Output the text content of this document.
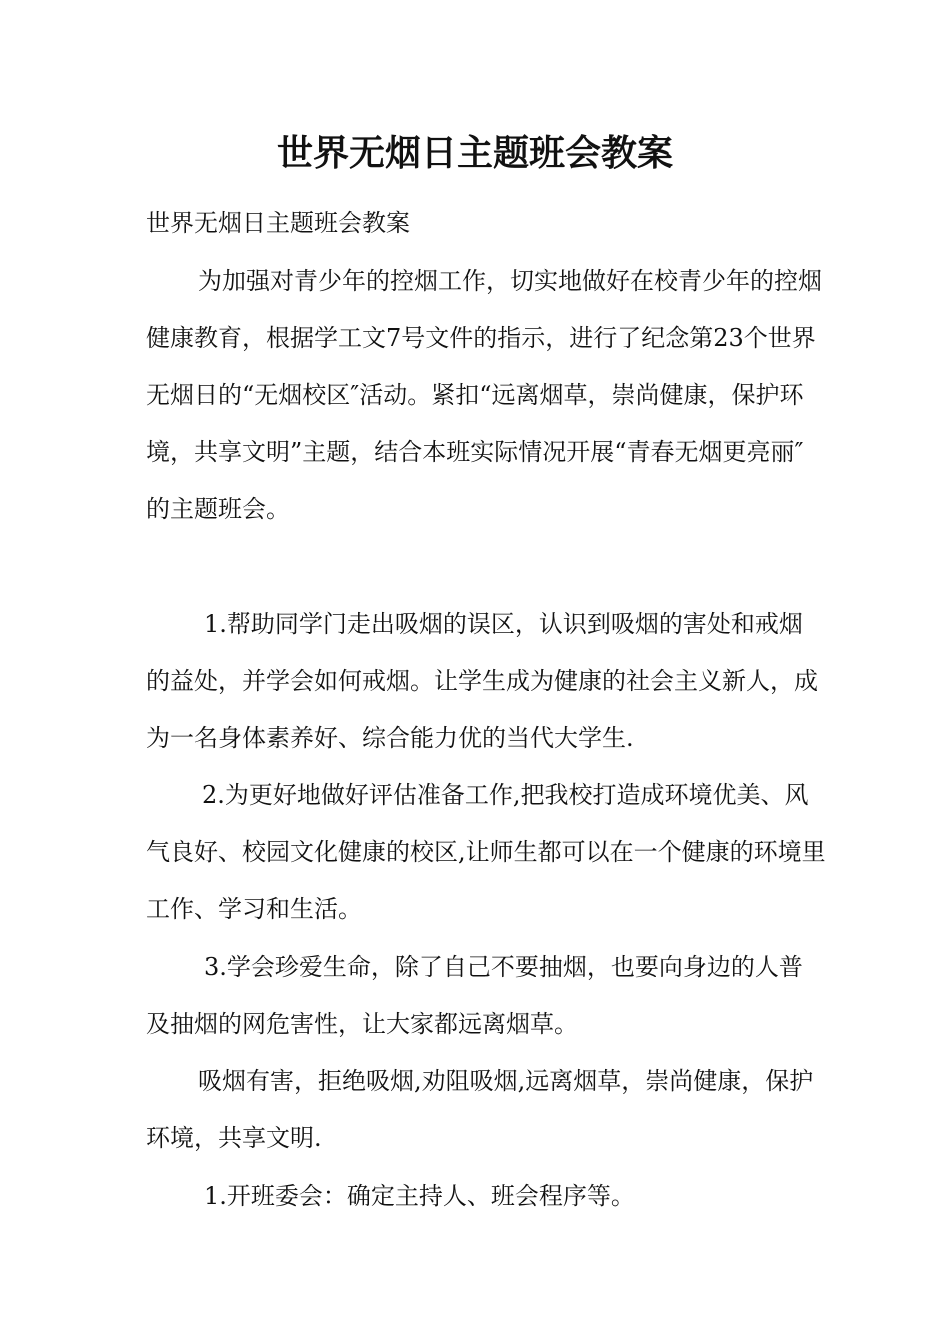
世界无烟日主题班会教案

世界无烟日主题班会教案

为加强对青少年的控烟工作，切实地做好在校青少年的控烟健康教育，根据学工文7号文件的指示，进行了纪念第23个世界无烟日的“无烟校区″活动。紧扣“远离烟草，崇尚健康，保护环境，共享文明”主题，结合本班实际情况开展“青春无烟更亮丽″的主题班会。

1.帮助同学门走出吸烟的误区，认识到吸烟的害处和戒烟的益处，并学会如何戒烟。让学生成为健康的社会主义新人，成为一名身体素养好、综合能力优的当代大学生.

2.为更好地做好评估准备工作,把我校打造成环境优美、风气良好、校园文化健康的校区,让师生都可以在一个健康的环境里工作、学习和生活。

3.学会珍爱生命，除了自己不要抽烟，也要向身边的人普及抽烟的网危害性，让大家都远离烟草。

吸烟有害，拒绝吸烟,劝阻吸烟,远离烟草，崇尚健康，保护环境，共享文明.

1.开班委会：确定主持人、班会程序等。
